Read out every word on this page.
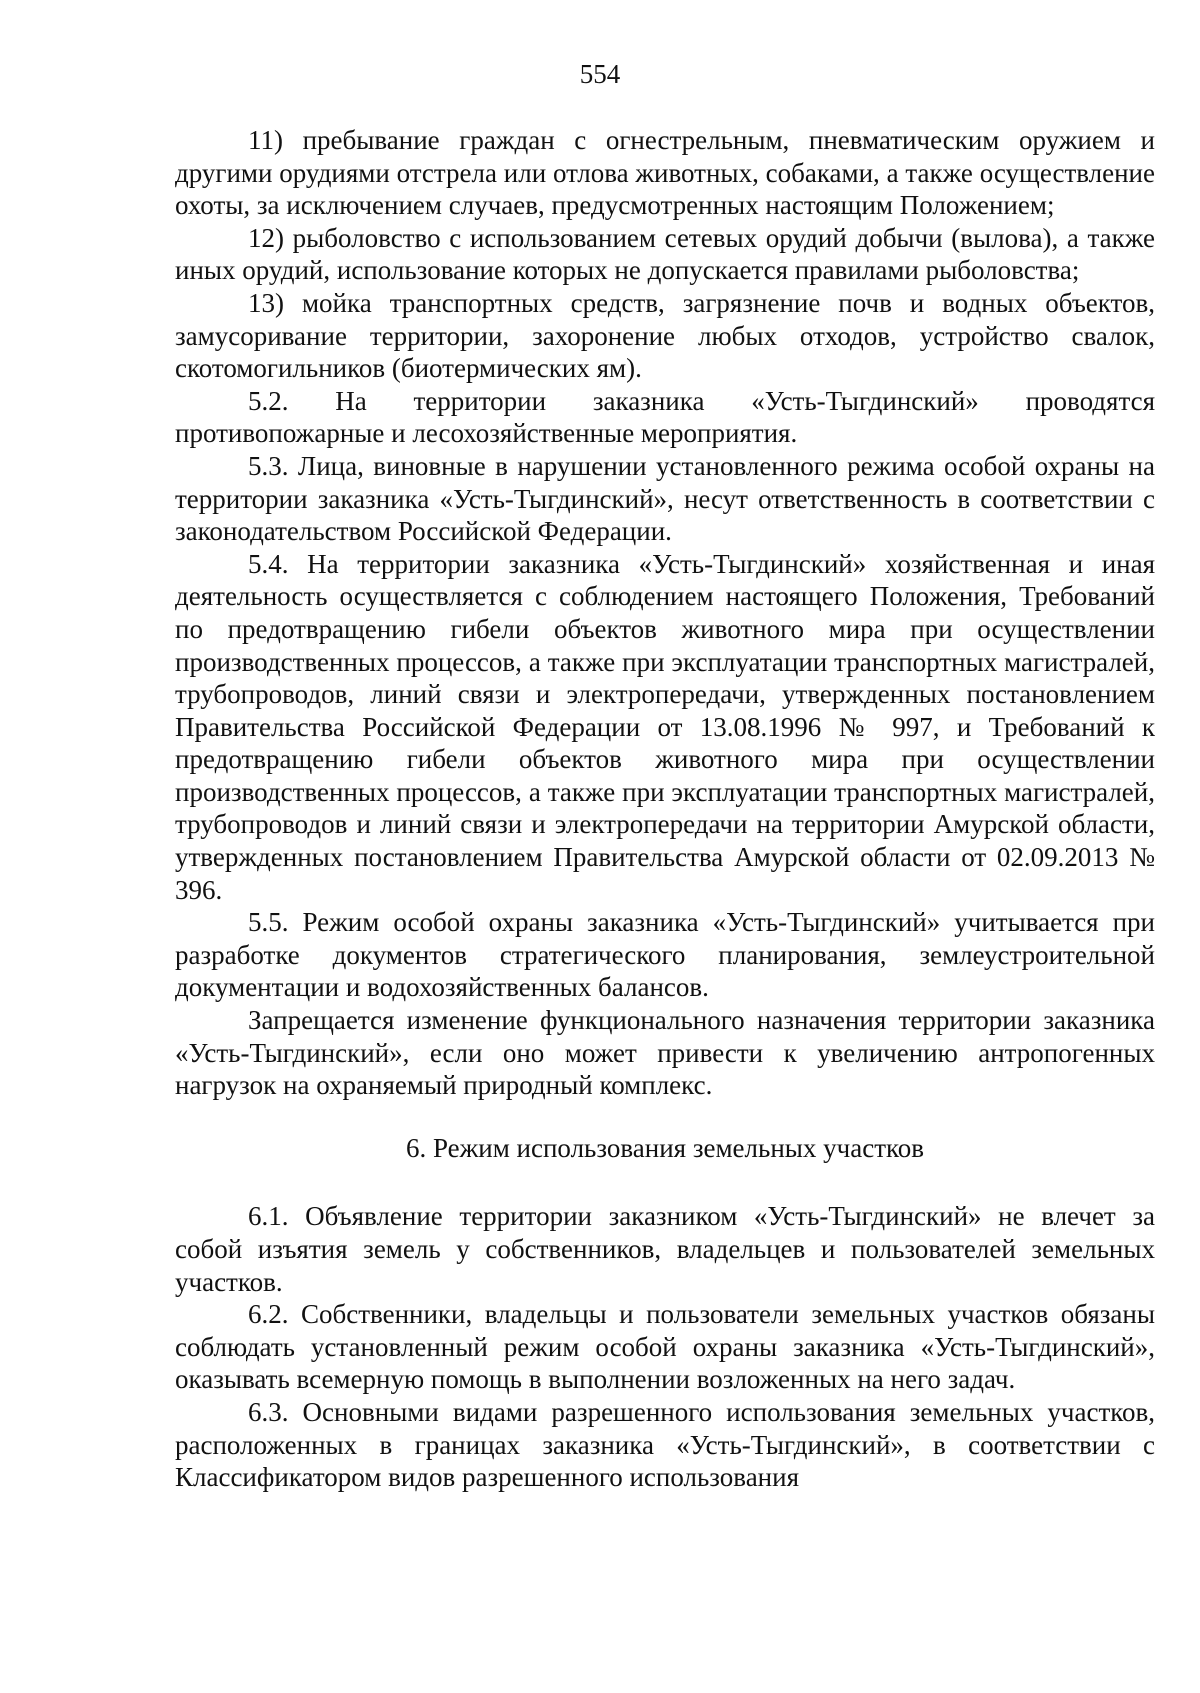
554

11) пребывание граждан с огнестрельным, пневматическим оружием и другими орудиями отстрела или отлова животных, собаками, а также осуществление охоты, за исключением случаев, предусмотренных настоящим Положением;

12) рыболовство с использованием сетевых орудий добычи (вылова), а также иных орудий, использование которых не допускается правилами рыболовства;

13) мойка транспортных средств, загрязнение почв и водных объектов, замусоривание территории, захоронение любых отходов, устройство свалок, скотомогильников (биотермических ям).

5.2. На территории заказника «Усть-Тыгдинский» проводятся противопожарные и лесохозяйственные мероприятия.

5.3. Лица, виновные в нарушении установленного режима особой охраны на территории заказника «Усть-Тыгдинский», несут ответственность в соответствии с законодательством Российской Федерации.

5.4. На территории заказника «Усть-Тыгдинский» хозяйственная и иная деятельность осуществляется с соблюдением настоящего Положения, Требований по предотвращению гибели объектов животного мира при осуществлении производственных процессов, а также при эксплуатации транспортных магистралей, трубопроводов, линий связи и электропередачи, утвержденных постановлением Правительства Российской Федерации от 13.08.1996 № 997, и Требований к предотвращению гибели объектов животного мира при осуществлении производственных процессов, а также при эксплуатации транспортных магистралей, трубопроводов и линий связи и электропередачи на территории Амурской области, утвержденных постановлением Правительства Амурской области от 02.09.2013 № 396.

5.5. Режим особой охраны заказника «Усть-Тыгдинский» учитывается при разработке документов стратегического планирования, землеустроительной документации и водохозяйственных балансов.

Запрещается изменение функционального назначения территории заказника «Усть-Тыгдинский», если оно может привести к увеличению антропогенных нагрузок на охраняемый природный комплекс.

6. Режим использования земельных участков

6.1. Объявление территории заказником «Усть-Тыгдинский» не влечет за собой изъятия земель у собственников, владельцев и пользователей земельных участков.

6.2. Собственники, владельцы и пользователи земельных участков обязаны соблюдать установленный режим особой охраны заказника «Усть-Тыгдинский», оказывать всемерную помощь в выполнении возложенных на него задач.

6.3. Основными видами разрешенного использования земельных участков, расположенных в границах заказника «Усть-Тыгдинский», в соответствии с Классификатором видов разрешенного использования
